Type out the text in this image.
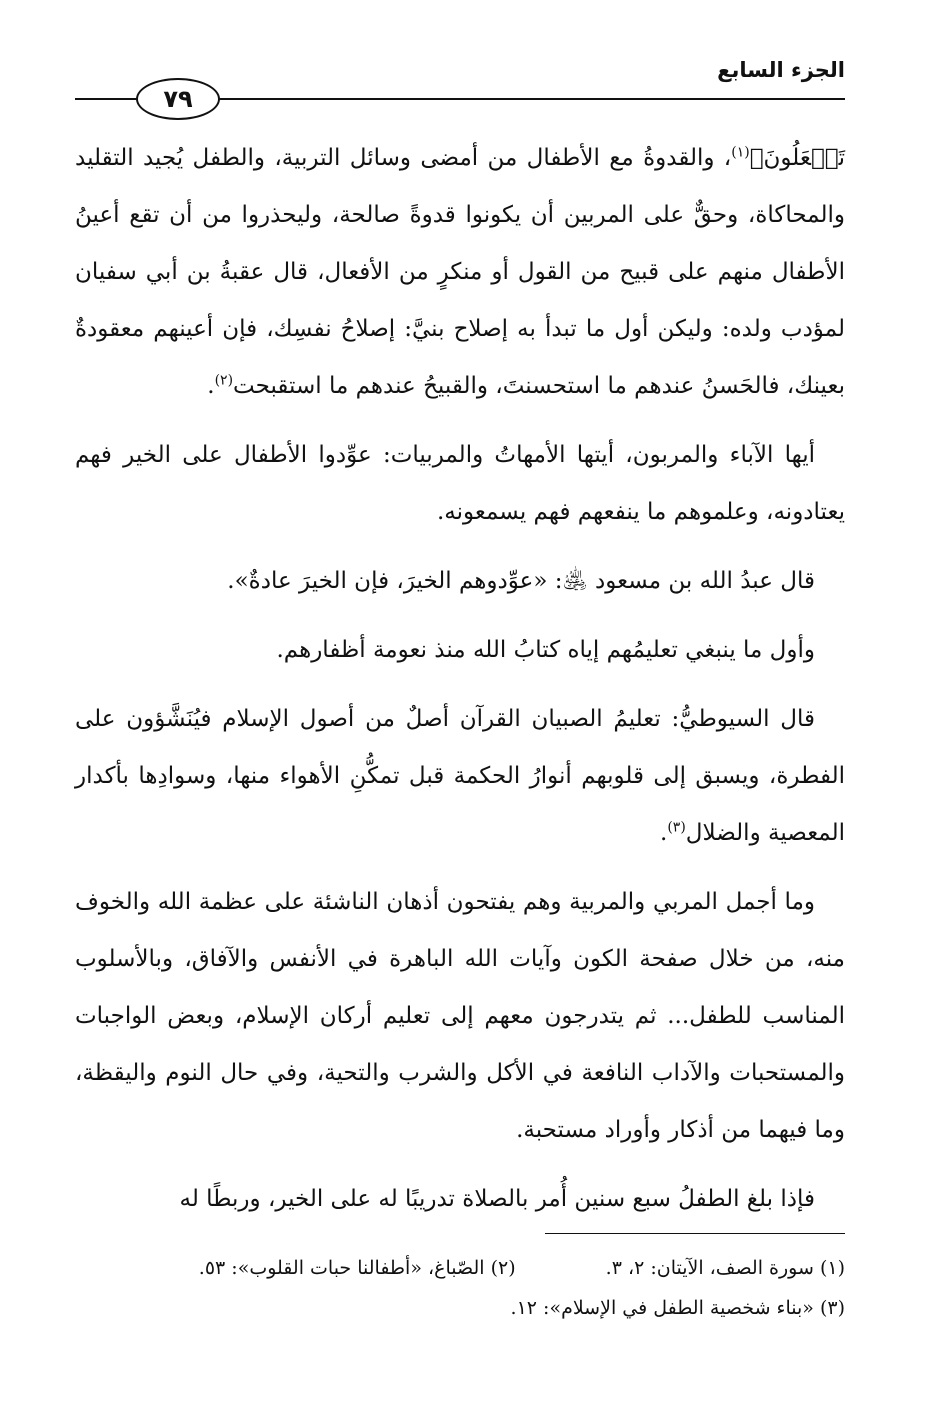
الجزء السابع
٧٩

تَفۡعَلُونَ﴾$^{(١)}$، والقدوةُ مع الأطفال من أمضى وسائل التربية، والطفل يُجيد التقليد والمحاكاة، وحقٌّ على المربين أن يكونوا قدوةً صالحة، وليحذروا من أن تقع أعينُ الأطفال منهم على قبيح من القول أو منكرٍ من الأفعال، قال عقبةُ بن أبي سفيان لمؤدب ولده: وليكن أول ما تبدأ به إصلاح بنيَّ: إصلاحُ نفسِك، فإن أعينهم معقودةٌ بعينك، فالحَسنُ عندهم ما استحسنتَ، والقبيحُ عندهم ما استقبحت$^{(٢)}$.

أيها الآباء والمربون، أيتها الأمهاتُ والمربيات: عوِّدوا الأطفال على الخير فهم يعتادونه، وعلموهم ما ينفعهم فهم يسمعونه.

قال عبدُ الله بن مسعود ﵁: «عوِّدوهم الخيرَ، فإن الخيرَ عادةٌ».

وأول ما ينبغي تعليمُهم إياه كتابُ الله منذ نعومة أظفارهم.

قال السيوطيُّ: تعليمُ الصبيان القرآن أصلٌ من أصول الإسلام فيُنَشَّؤون على الفطرة، ويسبق إلى قلوبهم أنوارُ الحكمة قبل تمكُّنِ الأهواء منها، وسوادِها بأكدار المعصية والضلال$^{(٣)}$.

وما أجمل المربي والمربية وهم يفتحون أذهان الناشئة على عظمة الله والخوف منه، من خلال صفحة الكون وآيات الله الباهرة في الأنفس والآفاق، وبالأسلوب المناسب للطفل... ثم يتدرجون معهم إلى تعليم أركان الإسلام، وبعض الواجبات والمستحبات والآداب النافعة في الأكل والشرب والتحية، وفي حال النوم واليقظة، وما فيهما من أذكار وأوراد مستحبة.

فإذا بلغ الطفلُ سبع سنين أُمر بالصلاة تدريبًا له على الخير، وربطًا له

(١) سورة الصف، الآيتان: ٢، ٣.
(٢) الصّباغ، «أطفالنا حبات القلوب»: ٥٣.
(٣) «بناء شخصية الطفل في الإسلام»: ١٢.
